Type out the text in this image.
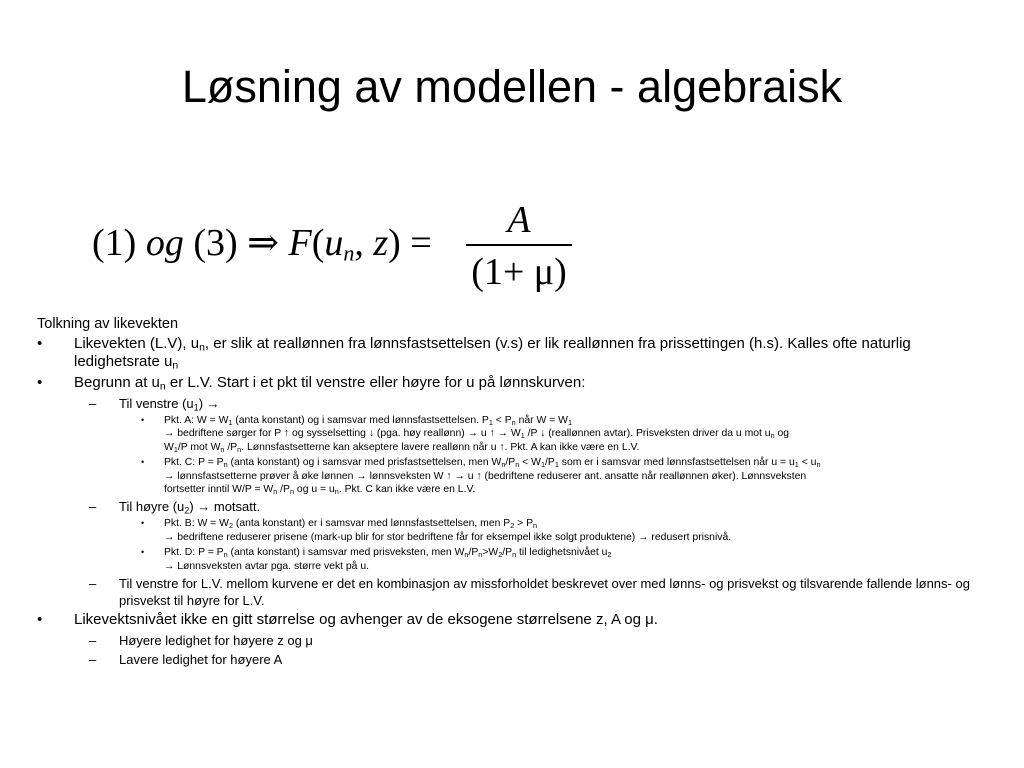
Løsning av modellen - algebraisk
(1) og (3) ⇒ $F(u_n$, z) =
A
(1+ μ)
Tolkning av likevekten
• Likevekten (L.V), $u_n$, er slik at reallønnen fra lønnsfastsettelsen (v.s) er lik reallønnen fra prissettingen (h.s). Kalles ofte naturlig ledighetsrate $u_n$
• Begrunn at $u_n$ er L.V. Start i et pkt til venstre eller høyre for u på lønnskurven:
– Til venstre $(u_1)$ →
• Pkt. A: $W = W_1$ (anta konstant) og i samsvar med lønnsfastsettelsen. $P_1 < P_n$ når $W = W_1$
→ bedriftene sørger for P ↑ og sysselsetting ↓ (pga. høy reallønn) → u ↑ → $W_1$ /P ↓ (reallønnen avtar). Prisveksten driver da u mot $u_n$ og
$W_1/P$ mot $W_n$ $/P_n$. Lønnsfastsetterne kan akseptere lavere reallønn når u ↑. Pkt. A kan ikke være en L.V.
• Pkt. C: $P = P_n$ (anta konstant) og i samsvar med prisfastsettelsen, men $W_n/P_n < W_1/P_1$ som er i samsvar med lønnsfastsettelsen når $u = u_1 < u_n$
→ lønnsfastsetterne prøver å øke lønnen → lønnsveksten W ↑ → u ↑ (bedriftene reduserer ant. ansatte når reallønnen øker). Lønnsveksten
fortsetter inntil $W/P = W_n$ $/P_n$ og $u = u_n$. Pkt. C kan ikke være en L.V.
– Til høyre $(u_2)$ → motsatt.
• Pkt. B: $W = W_2$ (anta konstant) er i samsvar med lønnsfastsettelsen, men $P_2 > P_n$
→ bedriftene reduserer prisene (mark-up blir for stor bedriftene får for eksempel ikke solgt produktene) → redusert prisnivå.
• Pkt. D: $P = P_n$ (anta konstant) i samsvar med prisveksten, men $W_n/P_n>W_2/P_n$ til ledighetsnivået $u_2$
→ Lønnsveksten avtar pga. større vekt på u.
– Til venstre for L.V. mellom kurvene er det en kombinasjon av missforholdet beskrevet over med lønns- og prisvekst og tilsvarende fallende lønns- og prisvekst til høyre for L.V.
• Likevektsnivået ikke en gitt størrelse og avhenger av de eksogene størrelsene z, A og μ.
– Høyere ledighet for høyere z og μ
– Lavere ledighet for høyere A
